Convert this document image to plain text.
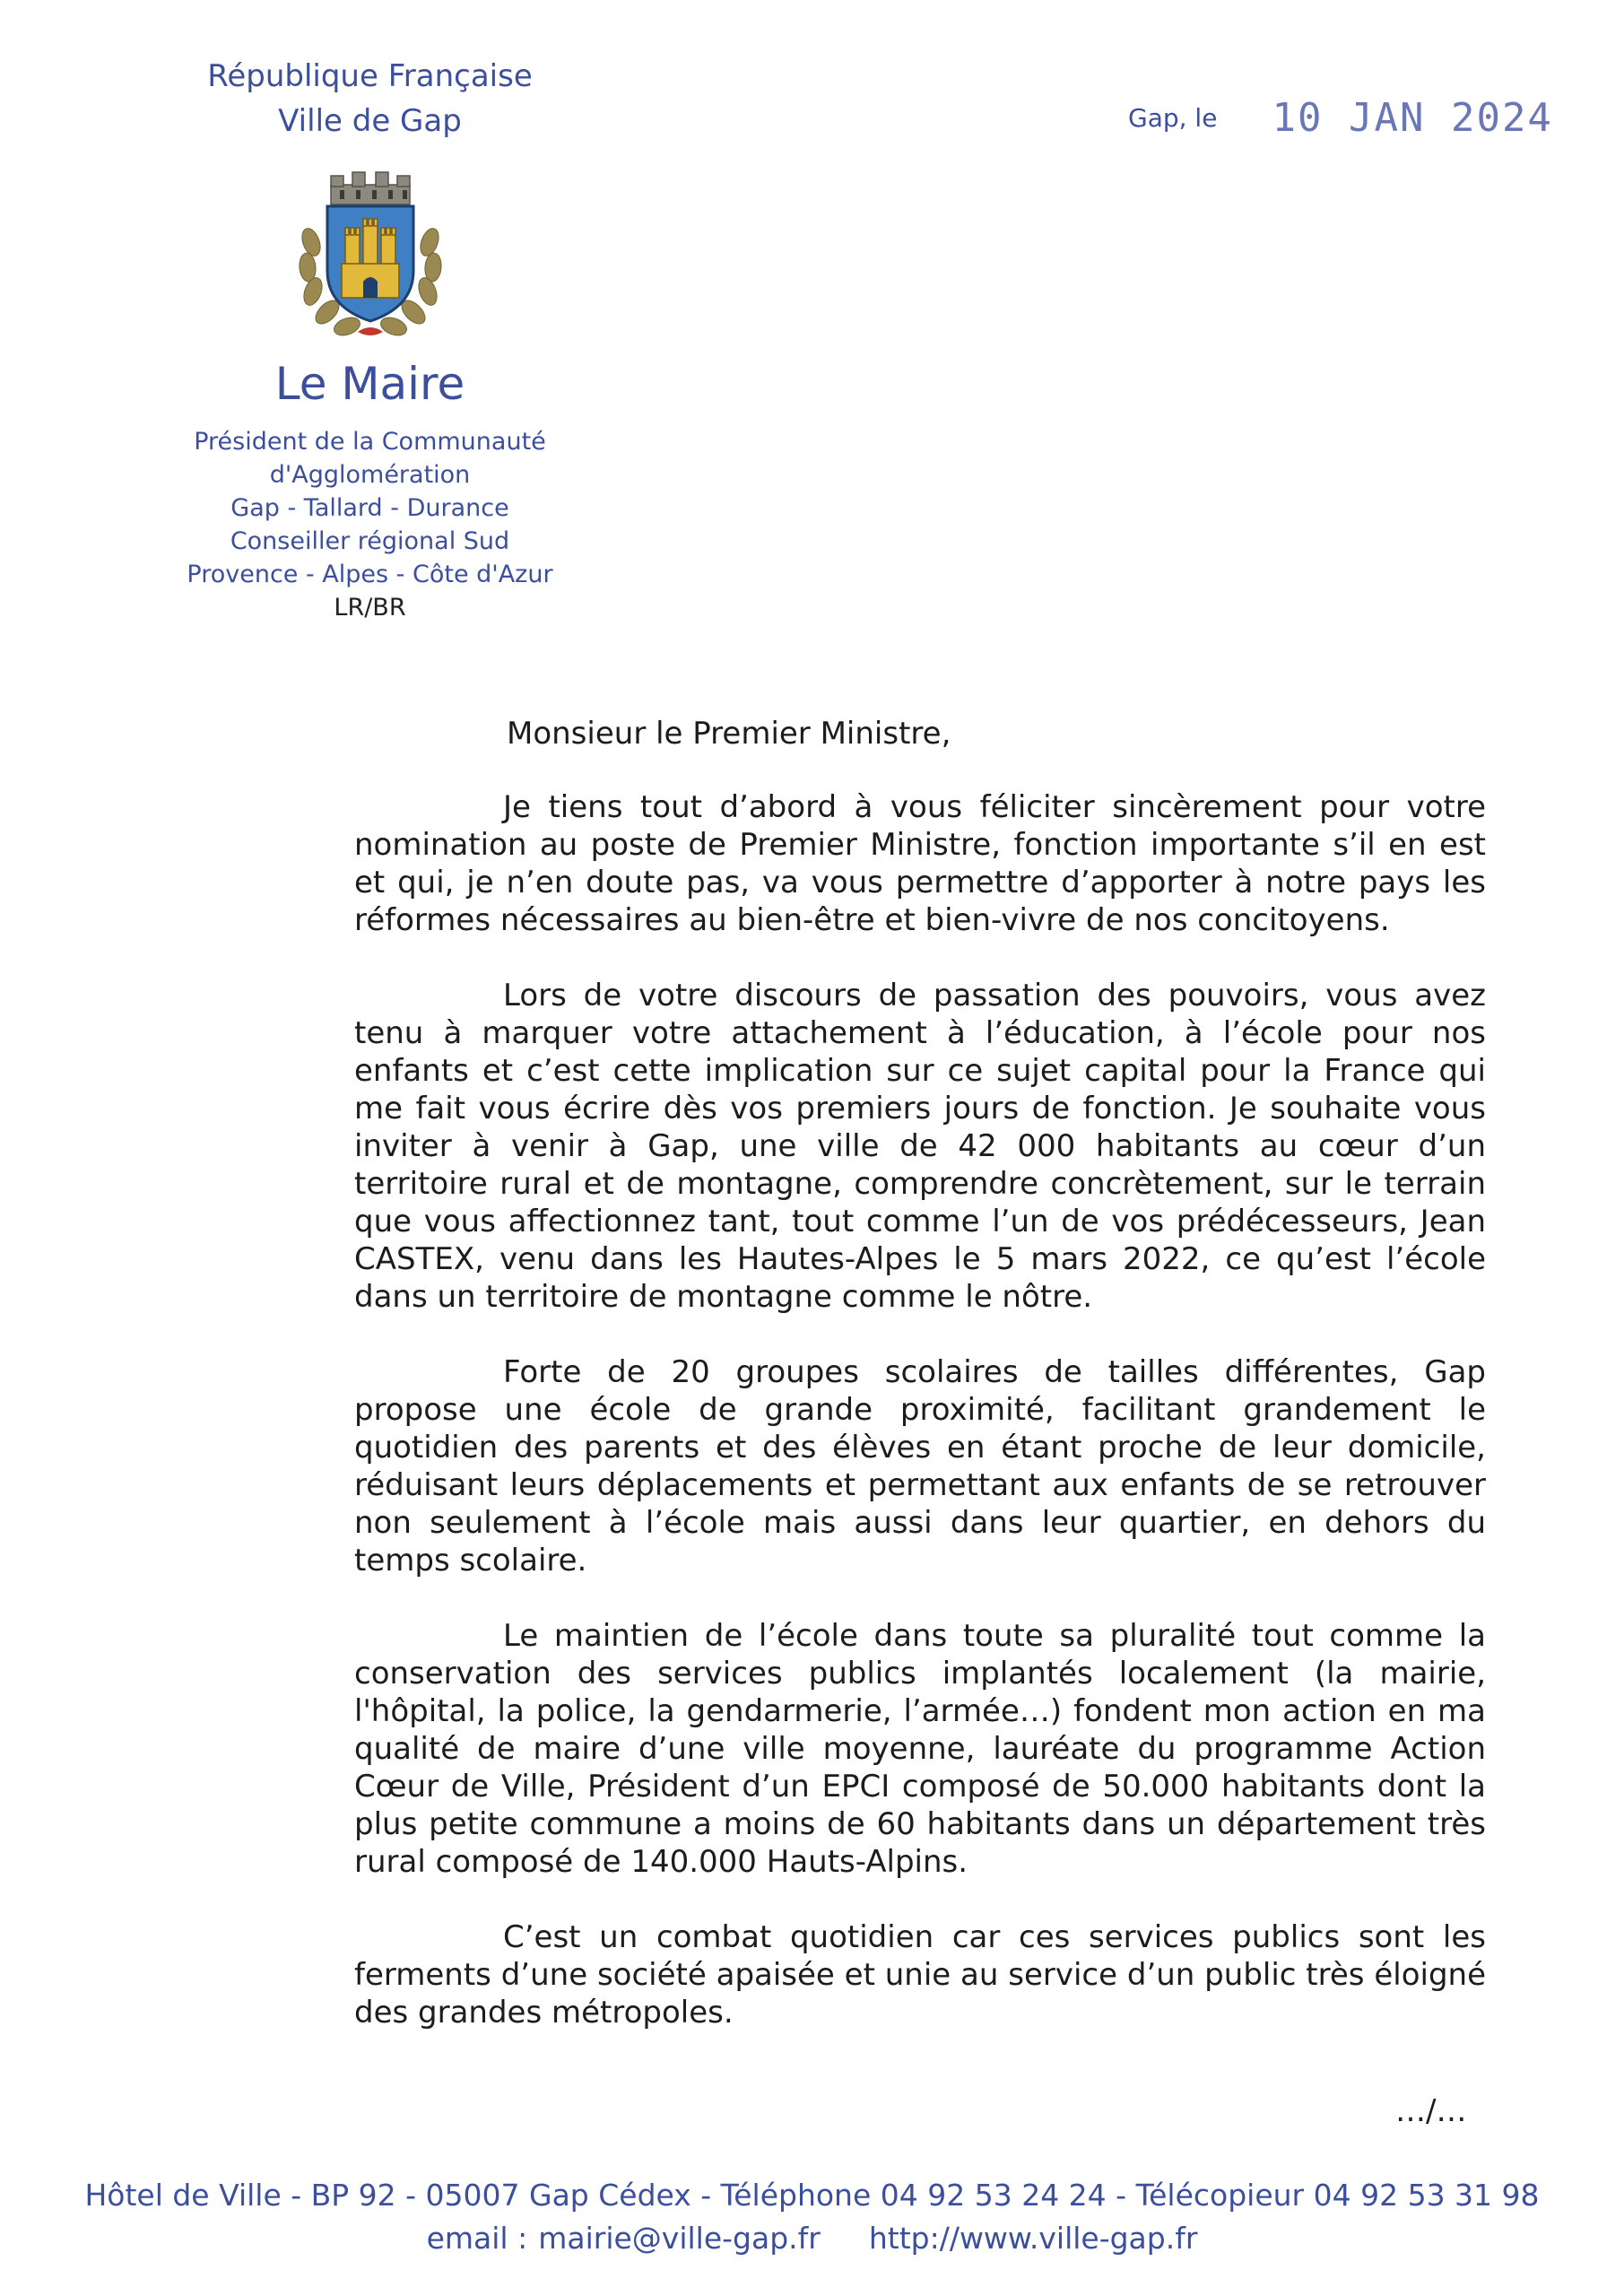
République Française
Ville de Gap
Le Maire
Président de la Communauté d'Agglomération
Gap - Tallard - Durance
Conseiller régional Sud
Provence - Alpes - Côte d'Azur
LR/BR
Gap, le 10 JAN 2024

Monsieur le Premier Ministre,

Je tiens tout d’abord à vous féliciter sincèrement pour votre nomination au poste de Premier Ministre, fonction importante s’il en est et qui, je n’en doute pas, va vous permettre d’apporter à notre pays les réformes nécessaires au bien-être et bien-vivre de nos concitoyens.

Lors de votre discours de passation des pouvoirs, vous avez tenu à marquer votre attachement à l’éducation, à l’école pour nos enfants et c’est cette implication sur ce sujet capital pour la France qui me fait vous écrire dès vos premiers jours de fonction. Je souhaite vous inviter à venir à Gap, une ville de 42 000 habitants au cœur d’un territoire rural et de montagne, comprendre concrètement, sur le terrain que vous affectionnez tant, tout comme l’un de vos prédécesseurs, Jean CASTEX, venu dans les Hautes-Alpes le 5 mars 2022, ce qu’est l’école dans un territoire de montagne comme le nôtre.

Forte de 20 groupes scolaires de tailles différentes, Gap propose une école de grande proximité, facilitant grandement le quotidien des parents et des élèves en étant proche de leur domicile, réduisant leurs déplacements et permettant aux enfants de se retrouver non seulement à l’école mais aussi dans leur quartier, en dehors du temps scolaire.

Le maintien de l’école dans toute sa pluralité tout comme la conservation des services publics implantés localement (la mairie, l'hôpital, la police, la gendarmerie, l’armée…) fondent mon action en ma qualité de maire d’une ville moyenne, lauréate du programme Action Cœur de Ville, Président d’un EPCI composé de 50.000 habitants dont la plus petite commune a moins de 60 habitants dans un département très rural composé de 140.000 Hauts-Alpins.

C’est un combat quotidien car ces services publics sont les ferments d’une société apaisée et unie au service d’un public très éloigné des grandes métropoles.

…/…
Hôtel de Ville - BP 92 - 05007 Gap Cédex - Téléphone 04 92 53 24 24 - Télécopieur 04 92 53 31 98
email : mairie@ville-gap.fr http://www.ville-gap.fr
